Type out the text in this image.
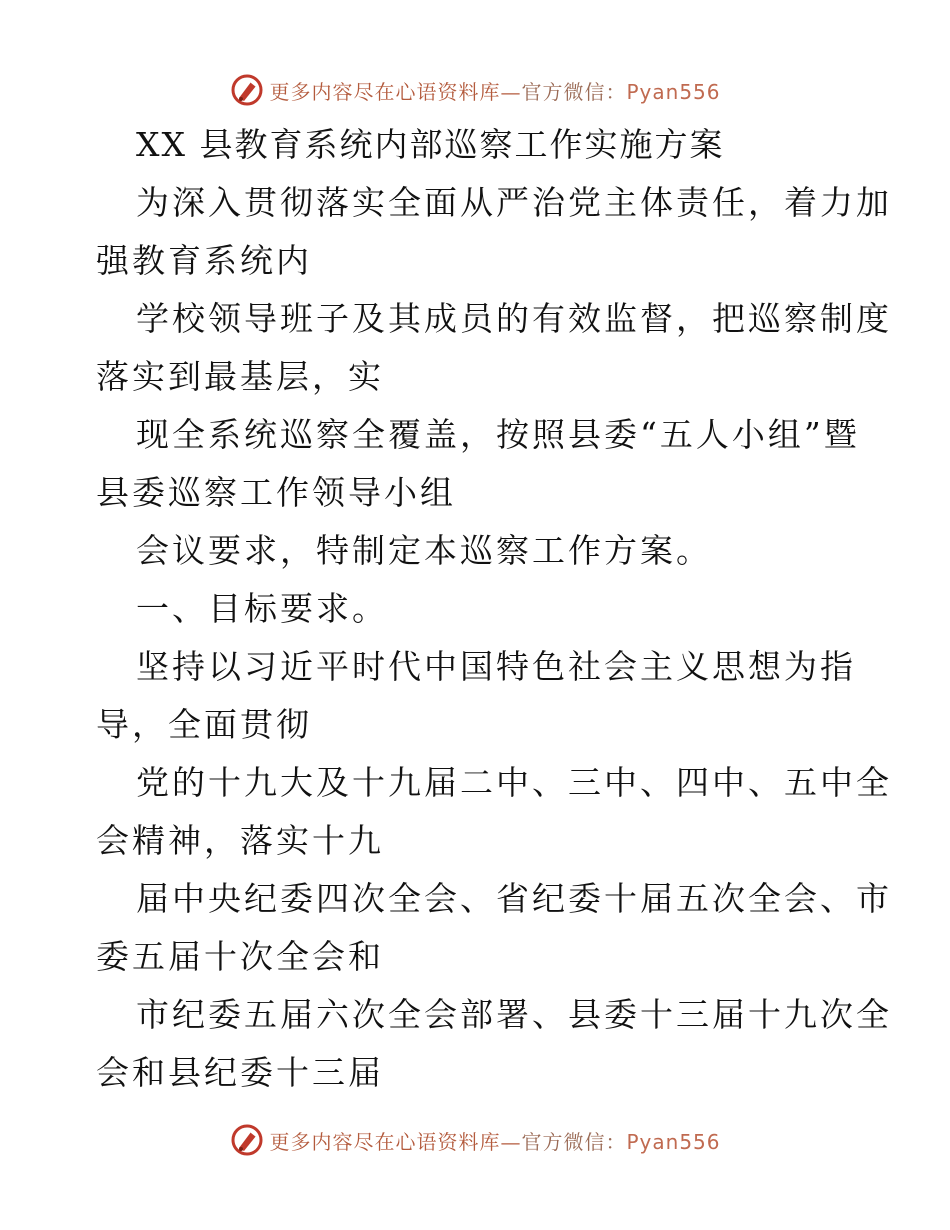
更多内容尽在心语资料库—官方微信：Pyan556
XX 县教育系统内部巡察工作实施方案
为深入贯彻落实全面从严治党主体责任，着力加
强教育系统内
学校领导班子及其成员的有效监督，把巡察制度
落实到最基层，实
现全系统巡察全覆盖，按照县委“五人小组”暨
县委巡察工作领导小组
会议要求，特制定本巡察工作方案。
一、目标要求。
坚持以习近平时代中国特色社会主义思想为指
导，全面贯彻
党的十九大及十九届二中、三中、四中、五中全
会精神，落实十九
届中央纪委四次全会、省纪委十届五次全会、市
委五届十次全会和
市纪委五届六次全会部署、县委十三届十九次全
会和县纪委十三届
更多内容尽在心语资料库—官方微信：Pyan556
